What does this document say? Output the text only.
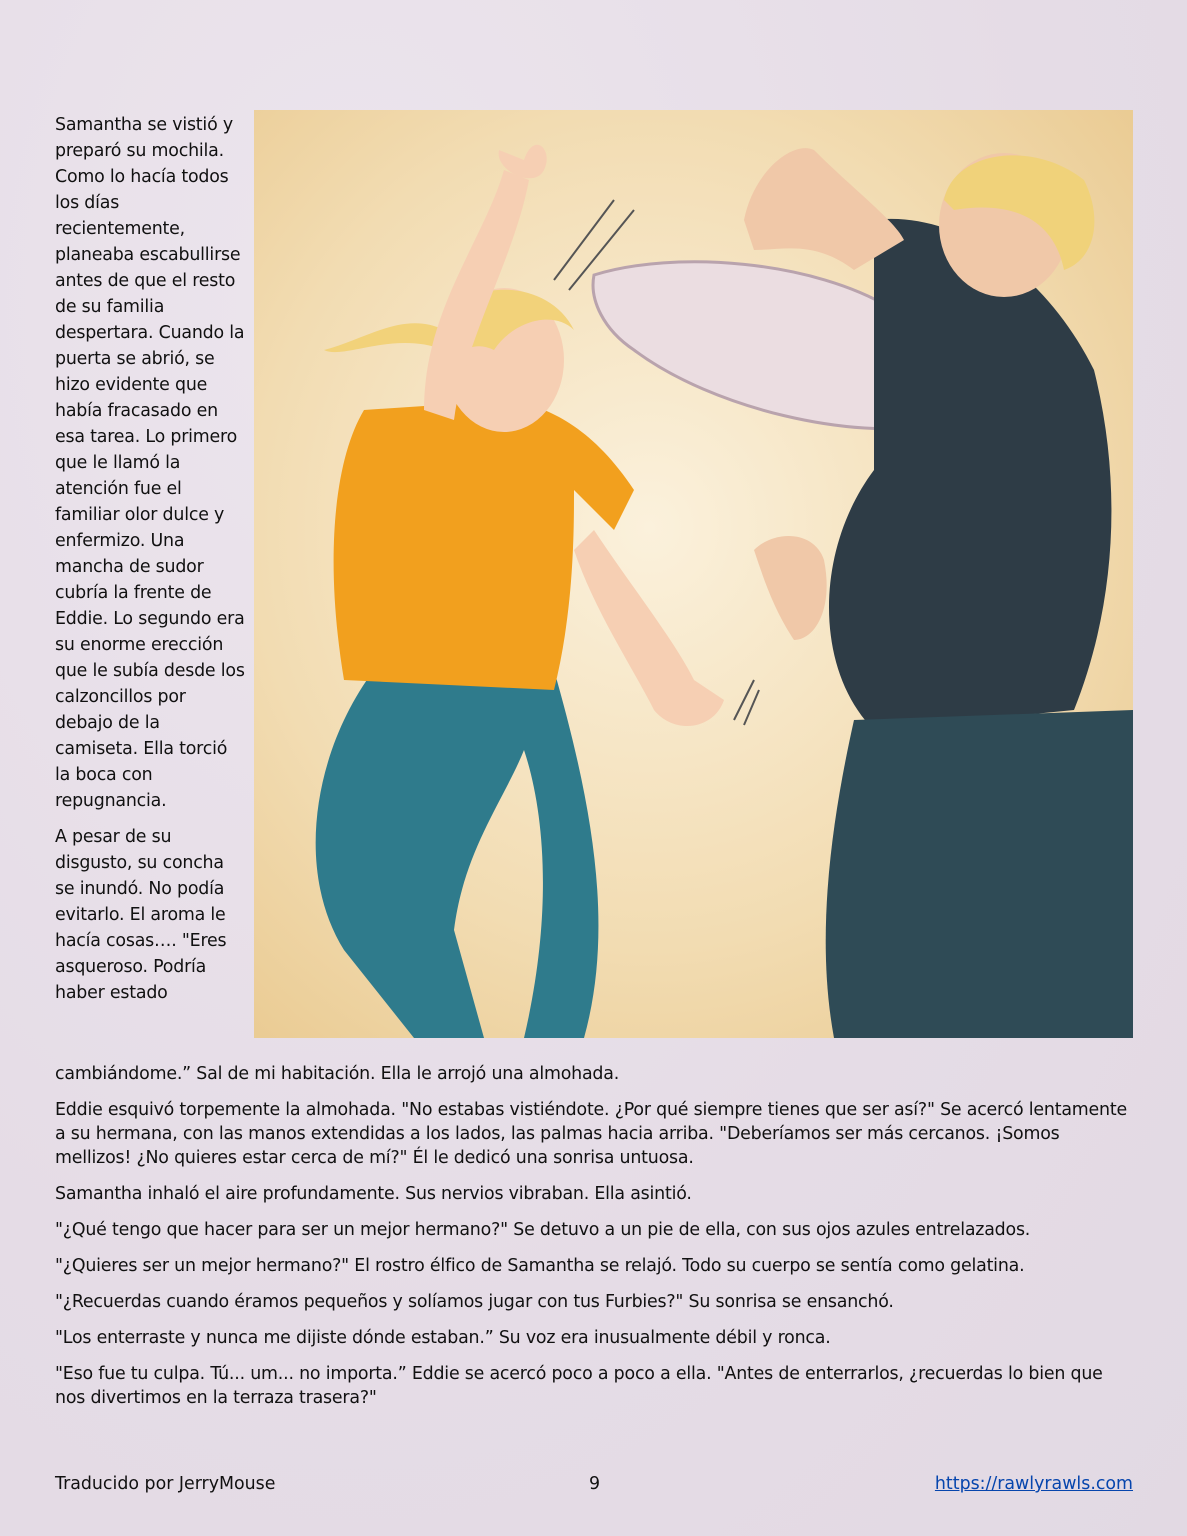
Samantha se vistió y preparó su mochila. Como lo hacía todos los días recientemente, planeaba escabullirse antes de que el resto de su familia despertara. Cuando la puerta se abrió, se hizo evidente que había fracasado en esa tarea. Lo primero que le llamó la atención fue el familiar olor dulce y enfermizo. Una mancha de sudor cubría la frente de Eddie. Lo segundo era su enorme erección que le subía desde los calzoncillos por debajo de la camiseta. Ella torció la boca con repugnancia.

A pesar de su disgusto, su concha se inundó. No podía evitarlo. El aroma le hacía cosas…. "Eres asqueroso. Podría haber estado

cambiándome.” Sal de mi habitación. Ella le arrojó una almohada.

Eddie esquivó torpemente la almohada. "No estabas vistiéndote. ¿Por qué siempre tienes que ser así?" Se acercó lentamente a su hermana, con las manos extendidas a los lados, las palmas hacia arriba. "Deberíamos ser más cercanos. ¡Somos mellizos! ¿No quieres estar cerca de mí?" Él le dedicó una sonrisa untuosa.

Samantha inhaló el aire profundamente. Sus nervios vibraban. Ella asintió.

"¿Qué tengo que hacer para ser un mejor hermano?" Se detuvo a un pie de ella, con sus ojos azules entrelazados.

"¿Quieres ser un mejor hermano?" El rostro élfico de Samantha se relajó. Todo su cuerpo se sentía como gelatina.

"¿Recuerdas cuando éramos pequeños y solíamos jugar con tus Furbies?" Su sonrisa se ensanchó.

"Los enterraste y nunca me dijiste dónde estaban.” Su voz era inusualmente débil y ronca.

"Eso fue tu culpa. Tú... um... no importa.” Eddie se acercó poco a poco a ella. "Antes de enterrarlos, ¿recuerdas lo bien que nos divertimos en la terraza trasera?"

Traducido por JerryMouse	9	https://rawlyrawls.com
